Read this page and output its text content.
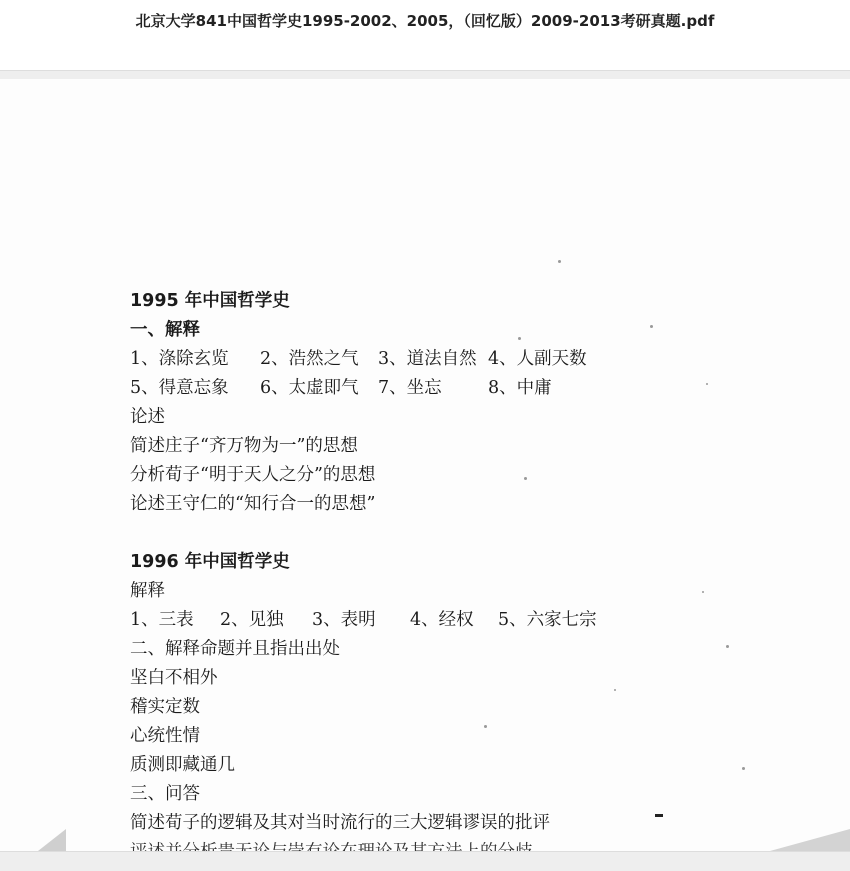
北京大学841中国哲学史1995-2002、2005，（回忆版）2009-2013考研真题.pdf
1995 年中国哲学史
一、解释
1、涤除玄览 2、浩然之气 3、道法自然 4、人副天数
5、得意忘象 6、太虚即气 7、坐忘	8、中庸
论述
简述庄子“齐万物为一”的思想
分析荀子“明于天人之分”的思想
论述王守仁的“知行合一的思想”
1996 年中国哲学史
解释
1、三表 2、见独 3、表明 4、经权 5、六家七宗
二、解释命题并且指出出处
坚白不相外
稽实定数
心统性情
质测即藏通几
三、问答
简述荀子的逻辑及其对当时流行的三大逻辑谬误的批评
